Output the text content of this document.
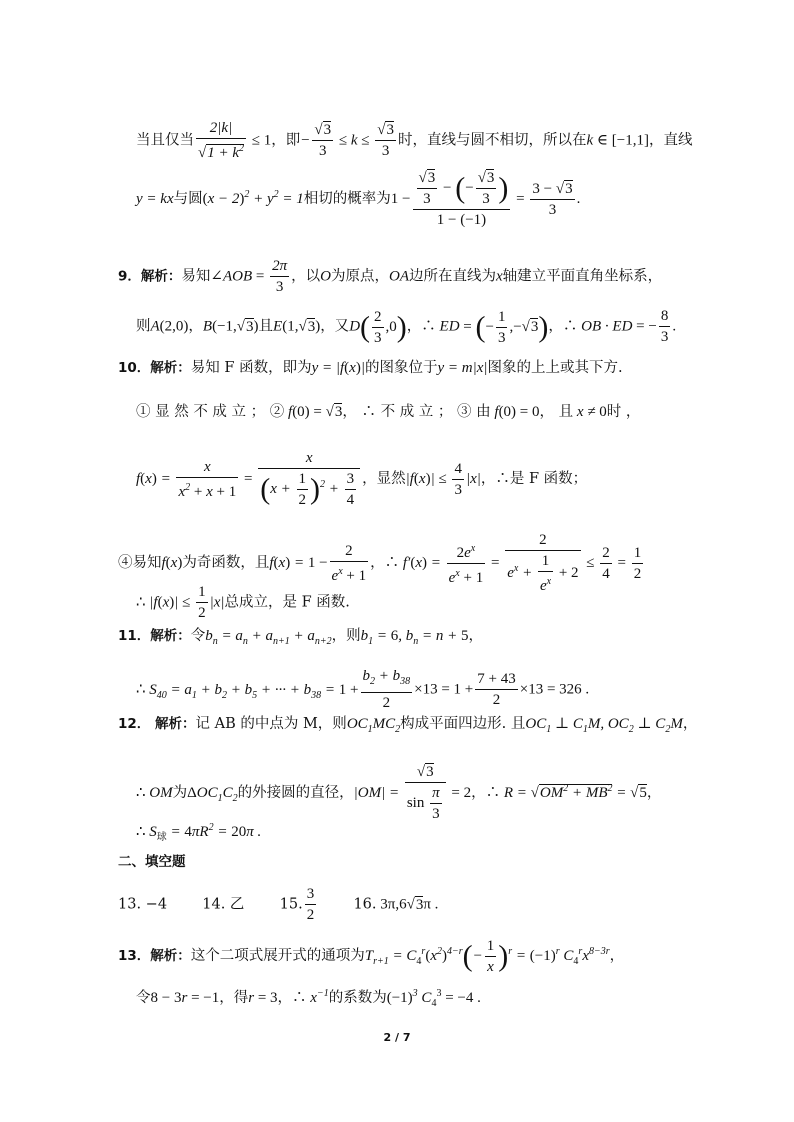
当且仅当 $\frac{2|k|}{√1 + k^2} \le 1$，即− $\frac{√3}{3} \le k \le \frac{√3}{3}$ 时，直线与圆不相切，所以在k ∈ [−1,1]，直线
y = kx与圆$(x - 2)^2 + y^2 = 1$相切的概率为$1 - \frac{\frac{√3}{3} - (- \frac{√3}{3} )}{1 - (-1)} = \frac{3 - √3}{3}$ .
9．解析：易知∠AOB = $\frac{2\pi}{3}$ ，以O为原点，OA边所在直线为x轴建立平面直角坐标系，
则A(2,0)，B(−1,√3)且E(1,√3)，又$D( \frac{2}{3} ,0)$，∴ ED = (− $\frac{1}{3} ,-√3$)，∴ OB · ED = − $\frac{8}{3}$ .
10．解析：易知 F 函数，即为y = |f(x)|的图象位于y = m|x|图象的上上或其下方.
① 显 然 不 成 立 ； ② f(0) = √3， ∴ 不 成 立 ； ③ 由 f(0) = 0， 且 x ≠ 0时 ，
$f(x) = \frac{x}{x^2 + x + 1} = \frac{x}{(x + \frac{1}{2} )^2 + \frac{3}{4}}$ ，显然$|f(x)| \le \frac{4}{3} |x|$，∴是 F 函数；
④易知f(x)为奇函数，且$f(x) = 1 - \frac{2}{e^x + 1}$ ，∴ $f'(x) = \frac{2e^x}{e^x + 1} = \frac{2}{e^x + \frac{1}{e^x} + 2} \le \frac{2}{4} = \frac{1}{2}$
∴ $|f(x)| \le \frac{1}{2} |x|$总成立，是 F 函数.
11．解析：令$b_n = a_n + a_{n+1} + a_{n+2}$，则$b_1 = 6$, $b_n = n + 5$，
∴ $S_{40} = a_1 + b_2 + b_5$ + ··· + $b_{38} = 1 + \frac{b_2 + b_{38}}{2} \times 13 = 1 + \frac{7 + 43}{2} \times 13 = 326$ .
12． 解析：记 AB 的中点为 M，则$OC_1MC_2$构成平面四边形. 且$OC_1$ ⊥ $C_1M$, $OC_2$ ⊥ $C_2M$，
∴ OM为$\Delta OC_1C_2$的外接圆的直径，$|OM| = \frac{√3}{\sin \frac{\pi}{3}} = 2$，∴ $R = √OM^2 + MB^2 = √5$，
∴ $S_球 = 4\pi R^2 = 20\pi$ .
二、填空题
13. −4 14. 乙 15. $\frac{3}{2}$	16. 3π,6√3π .
13．解析：这个二项式展开式的通项为$T_{r+1} = C_4^r(x^2)^{4-r}(- \frac{1}{x} )^r = (-1)^r$ $C_4^rx^{8-3r}$，
令8 − 3r = −1，得r = 3，∴ $x^{-1}$的系数为$(-1)^3$ $C_4^3 = -4$ .
2 / 7
